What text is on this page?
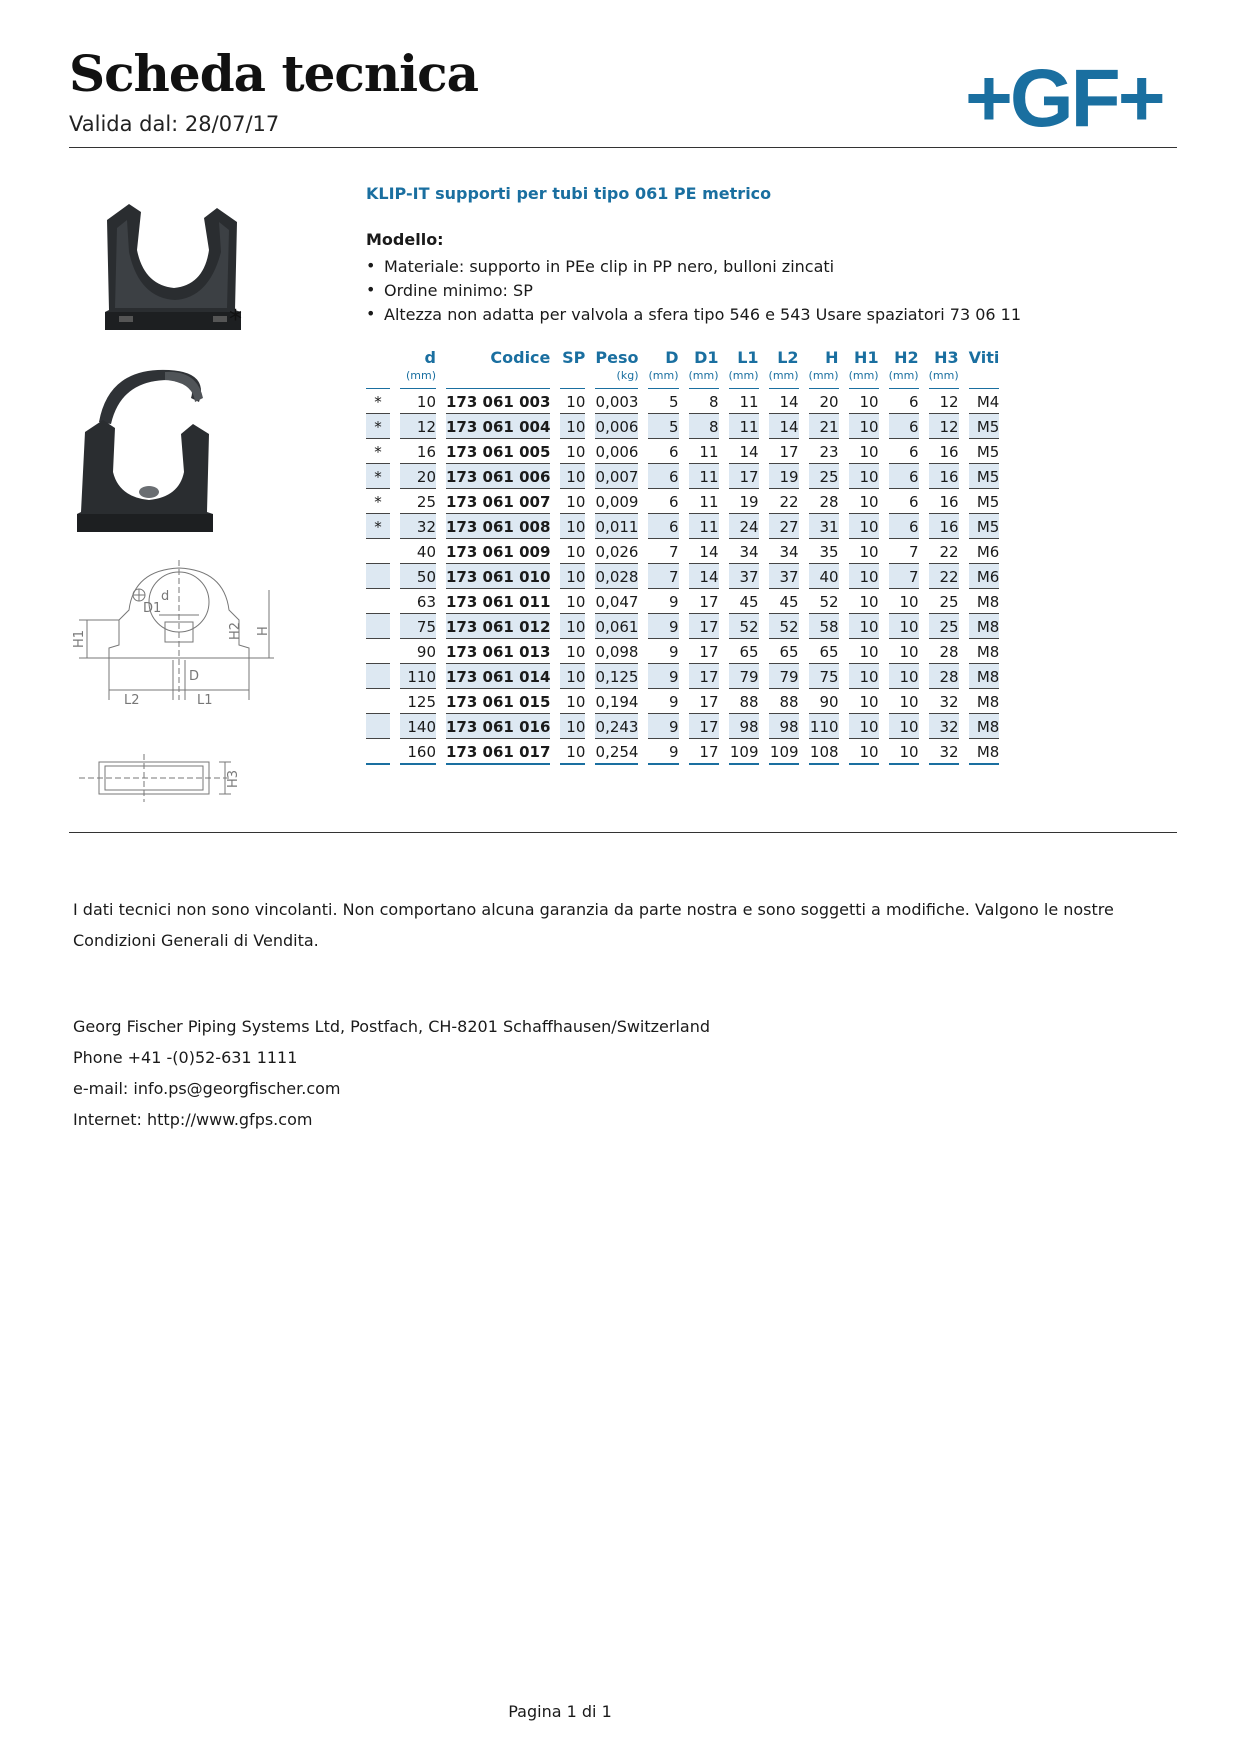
Scheda tecnica
Valida dal: 28/07/17	+GF+
*
d
D1
H1	H2 H
D
L2	L1
H3
KLIP-IT supporti per tubi tipo 061 PE metrico
Modello:
• Materiale: supporto in PEe clip in PP nero, bulloni zincati
• Ordine minimo: SP
• Altezza non adatta per valvola a sfera tipo 546 e 543 Usare spaziatori 73 06 11
	d	Codice	SP	Peso	D	D1	L1	L2	H	H1	H2	H3	Viti
	(mm)			(kg)	(mm)	(mm)	(mm)	(mm)	(mm)	(mm)	(mm)	(mm)	
*	10	173 061 003	10	0,003	5	8	11	14	20	10	6	12	M4
*	12	173 061 004	10	0,006	5	8	11	14	21	10	6	12	M5
*	16	173 061 005	10	0,006	6	11	14	17	23	10	6	16	M5
*	20	173 061 006	10	0,007	6	11	17	19	25	10	6	16	M5
*	25	173 061 007	10	0,009	6	11	19	22	28	10	6	16	M5
*	32	173 061 008	10	0,011	6	11	24	27	31	10	6	16	M5
	40	173 061 009	10	0,026	7	14	34	34	35	10	7	22	M6
	50	173 061 010	10	0,028	7	14	37	37	40	10	7	22	M6
	63	173 061 011	10	0,047	9	17	45	45	52	10	10	25	M8
	75	173 061 012	10	0,061	9	17	52	52	58	10	10	25	M8
	90	173 061 013	10	0,098	9	17	65	65	65	10	10	28	M8
	110	173 061 014	10	0,125	9	17	79	79	75	10	10	28	M8
	125	173 061 015	10	0,194	9	17	88	88	90	10	10	32	M8
	140	173 061 016	10	0,243	9	17	98	98	110	10	10	32	M8
	160	173 061 017	10	0,254	9	17	109	109	108	10	10	32	M8

I dati tecnici non sono vincolanti. Non comportano alcuna garanzia da parte nostra e sono soggetti a modifiche. Valgono le nostre Condizioni Generali di Vendita.

Georg Fischer Piping Systems Ltd, Postfach, CH-8201 Schaffhausen/Switzerland
Phone +41 -(0)52-631 1111
e-mail: info.ps@georgfischer.com
Internet: http://www.gfps.com
Pagina 1 di 1
